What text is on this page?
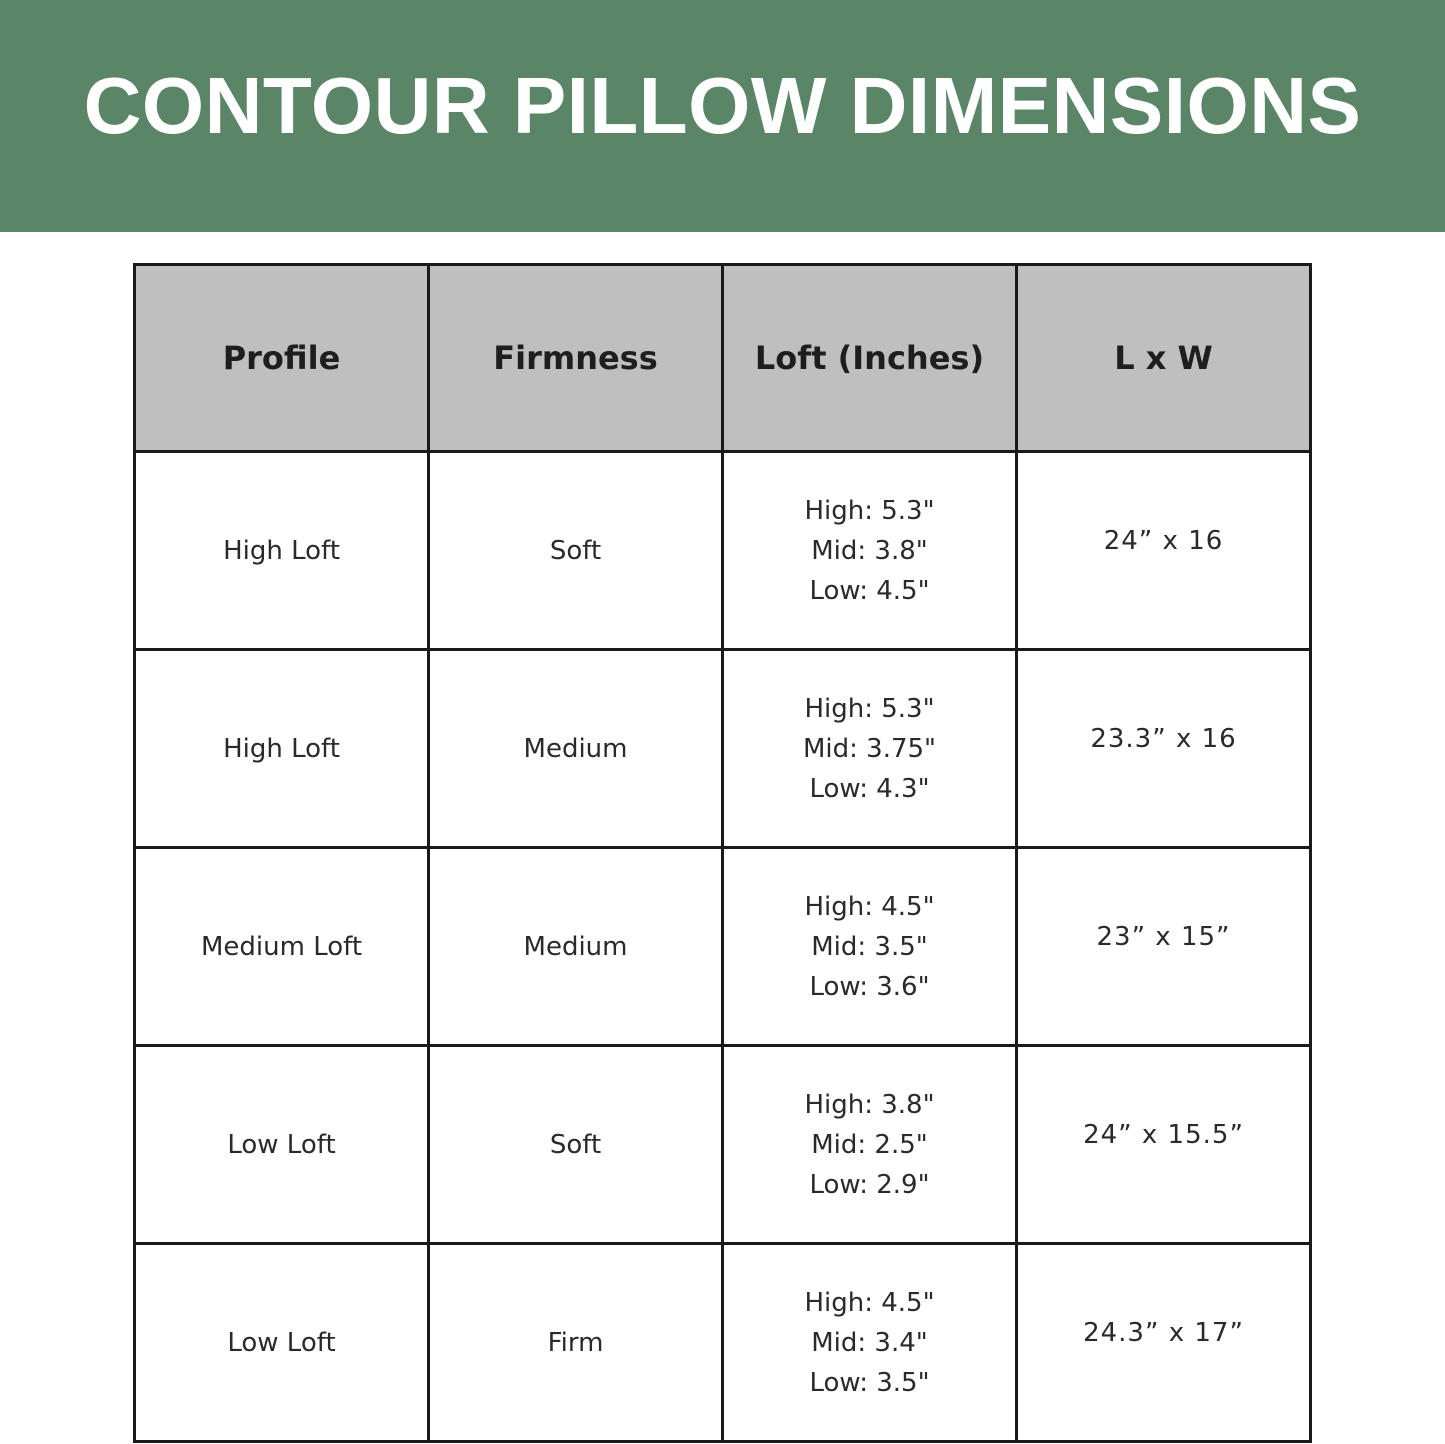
CONTOUR PILLOW DIMENSIONS
Profile	Firmness	Loft (Inches)	L x W
High Loft	Soft	High: 5.3"
Mid: 3.8"
Low: 4.5"	24” x 16
High Loft	Medium	High: 5.3"
Mid: 3.75"
Low: 4.3"	23.3” x 16
Medium Loft	Medium	High: 4.5"
Mid: 3.5"
Low: 3.6"	23” x 15”
Low Loft	Soft	High: 3.8"
Mid: 2.5"
Low: 2.9"	24” x 15.5”
Low Loft	Firm	High: 4.5"
Mid: 3.4"
Low: 3.5"	24.3” x 17”
